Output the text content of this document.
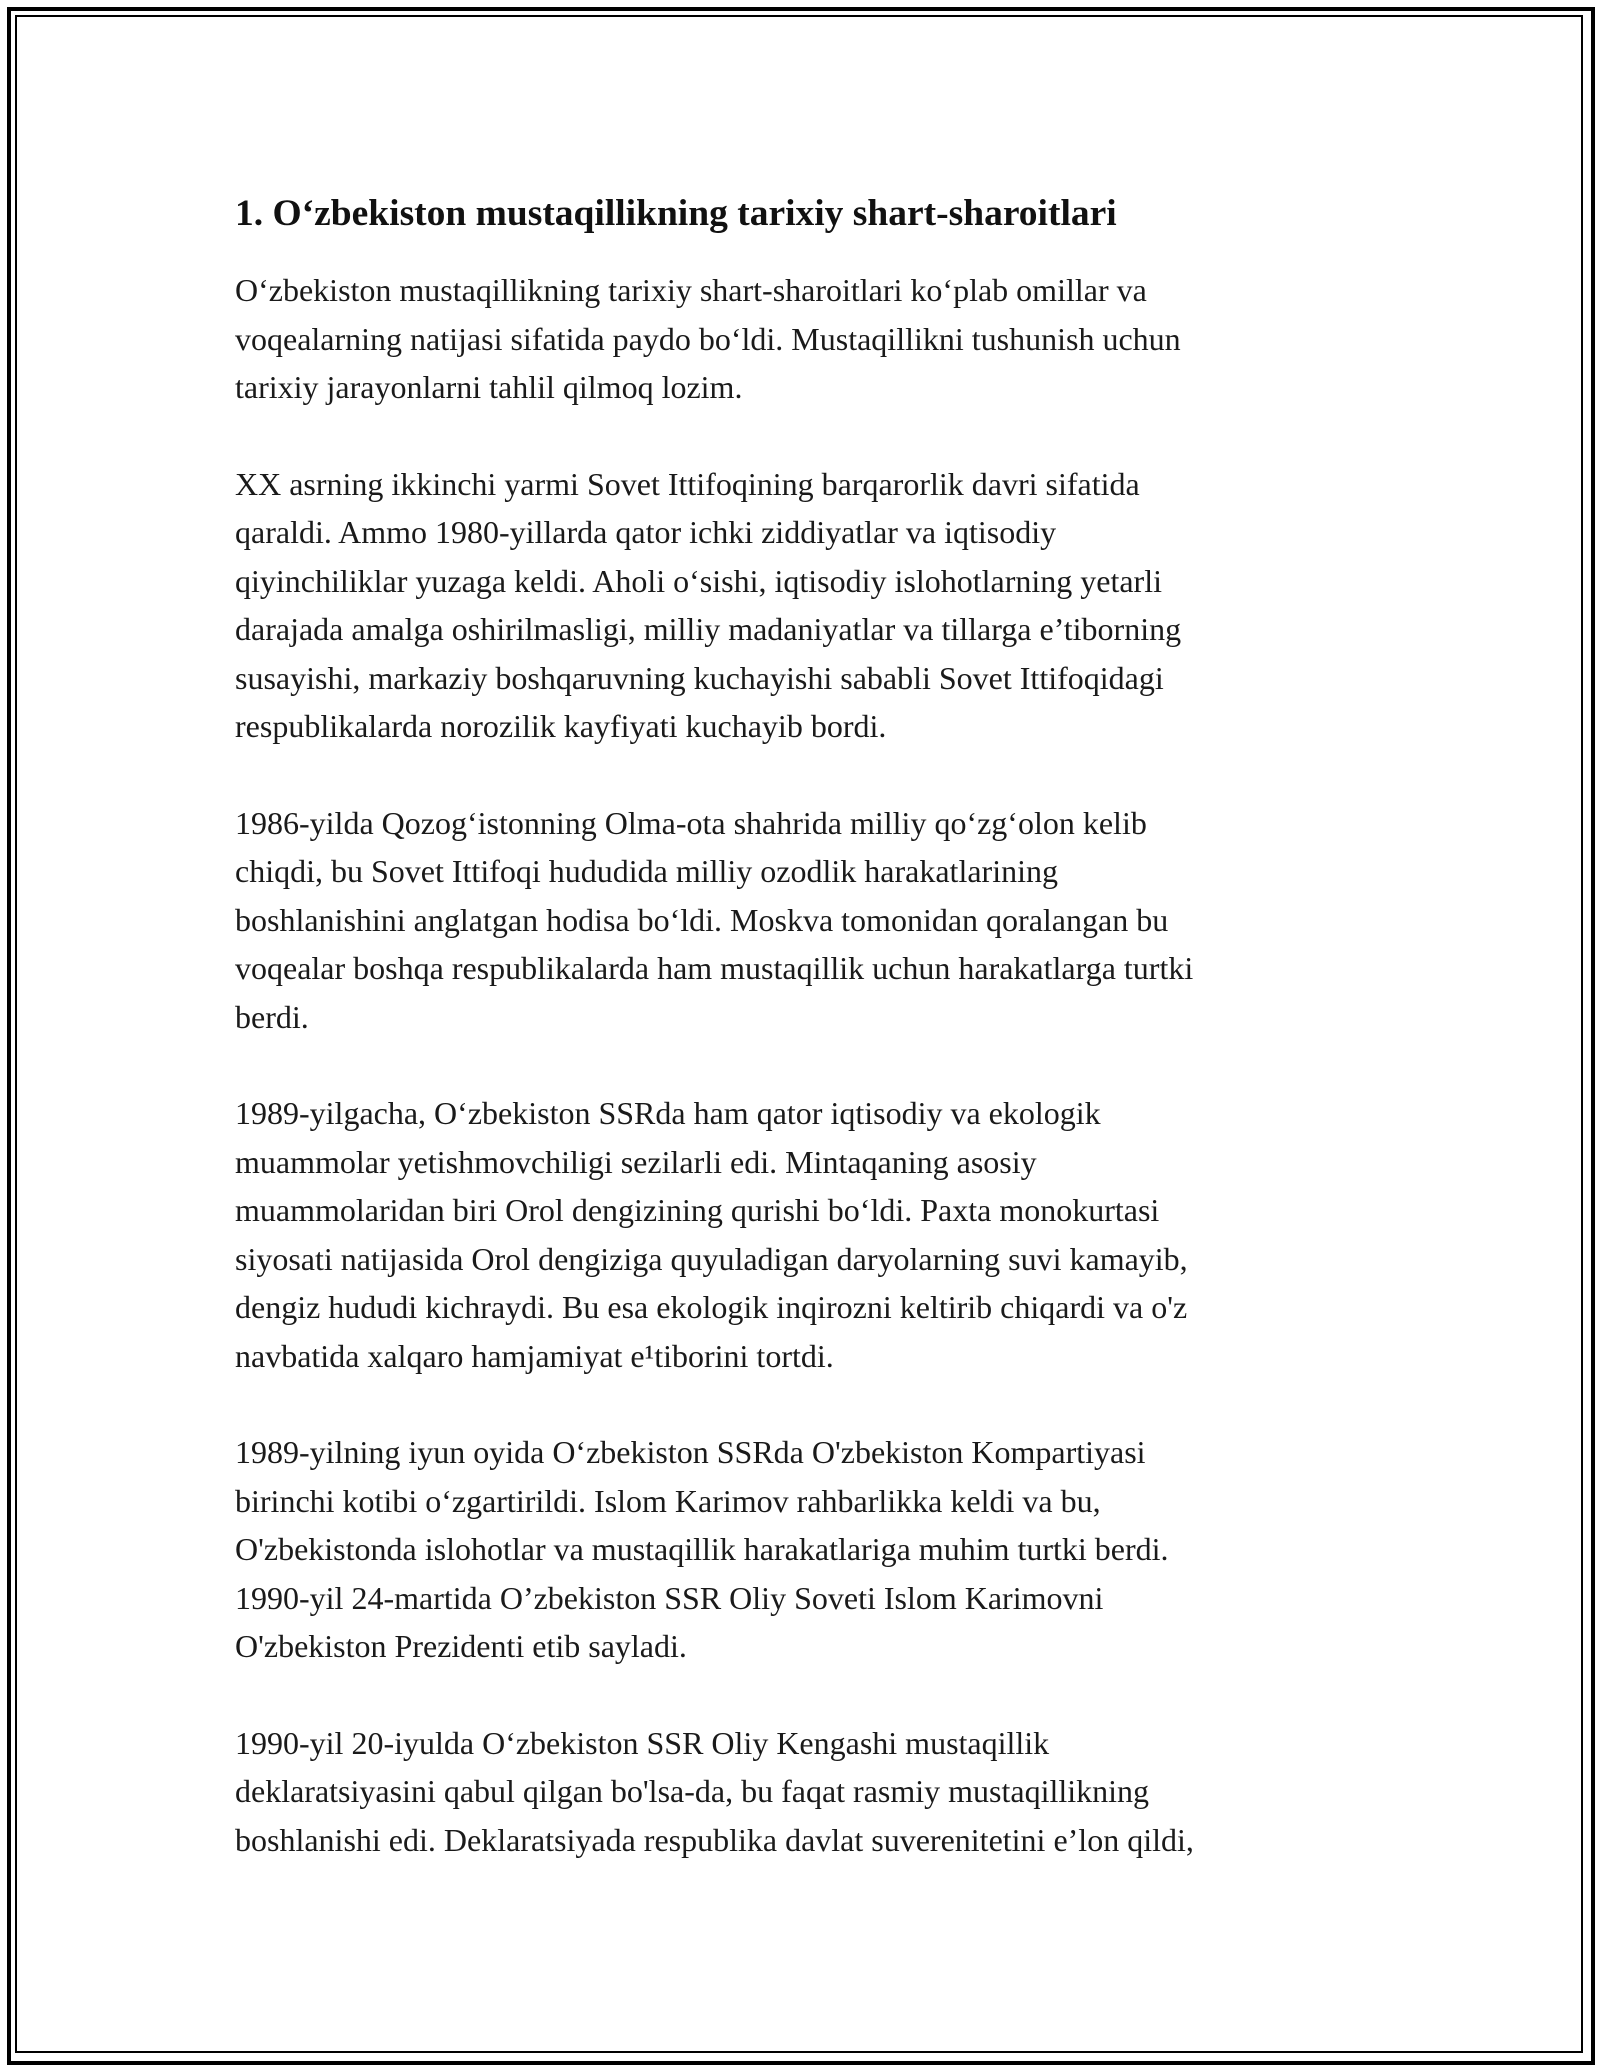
1. O‘zbekiston mustaqillikning tarixiy shart-sharoitlari

O‘zbekiston mustaqillikning tarixiy shart-sharoitlari ko‘plab omillar va
voqealarning natijasi sifatida paydo bo‘ldi. Mustaqillikni tushunish uchun
tarixiy jarayonlarni tahlil qilmoq lozim.

XX asrning ikkinchi yarmi Sovet Ittifoqining barqarorlik davri sifatida
qaraldi. Ammo 1980-yillarda qator ichki ziddiyatlar va iqtisodiy
qiyinchiliklar yuzaga keldi. Aholi o‘sishi, iqtisodiy islohotlarning yetarli
darajada amalga oshirilmasligi, milliy madaniyatlar va tillarga e’tiborning
susayishi, markaziy boshqaruvning kuchayishi sababli Sovet Ittifoqidagi
respublikalarda norozilik kayfiyati kuchayib bordi.

1986-yilda Qozog‘istonning Olma-ota shahrida milliy qo‘zg‘olon kelib
chiqdi, bu Sovet Ittifoqi hududida milliy ozodlik harakatlarining
boshlanishini anglatgan hodisa bo‘ldi. Moskva tomonidan qoralangan bu
voqealar boshqa respublikalarda ham mustaqillik uchun harakatlarga turtki
berdi.

1989-yilgacha, O‘zbekiston SSRda ham qator iqtisodiy va ekologik
muammolar yetishmovchiligi sezilarli edi. Mintaqaning asosiy
muammolaridan biri Orol dengizining qurishi bo‘ldi. Paxta monokurtasi
siyosati natijasida Orol dengiziga quyuladigan daryolarning suvi kamayib,
dengiz hududi kichraydi. Bu esa ekologik inqirozni keltirib chiqardi va o'z
navbatida xalqaro hamjamiyat e¹tiborini tortdi.

1989-yilning iyun oyida O‘zbekiston SSRda O'zbekiston Kompartiyasi
birinchi kotibi o‘zgartirildi. Islom Karimov rahbarlikka keldi va bu,
O'zbekistonda islohotlar va mustaqillik harakatlariga muhim turtki berdi.
1990-yil 24-martida O’zbekiston SSR Oliy Soveti Islom Karimovni
O'zbekiston Prezidenti etib sayladi.

1990-yil 20-iyulda O‘zbekiston SSR Oliy Kengashi mustaqillik
deklaratsiyasini qabul qilgan bo'lsa-da, bu faqat rasmiy mustaqillikning
boshlanishi edi. Deklaratsiyada respublika davlat suverenitetini e’lon qildi,
